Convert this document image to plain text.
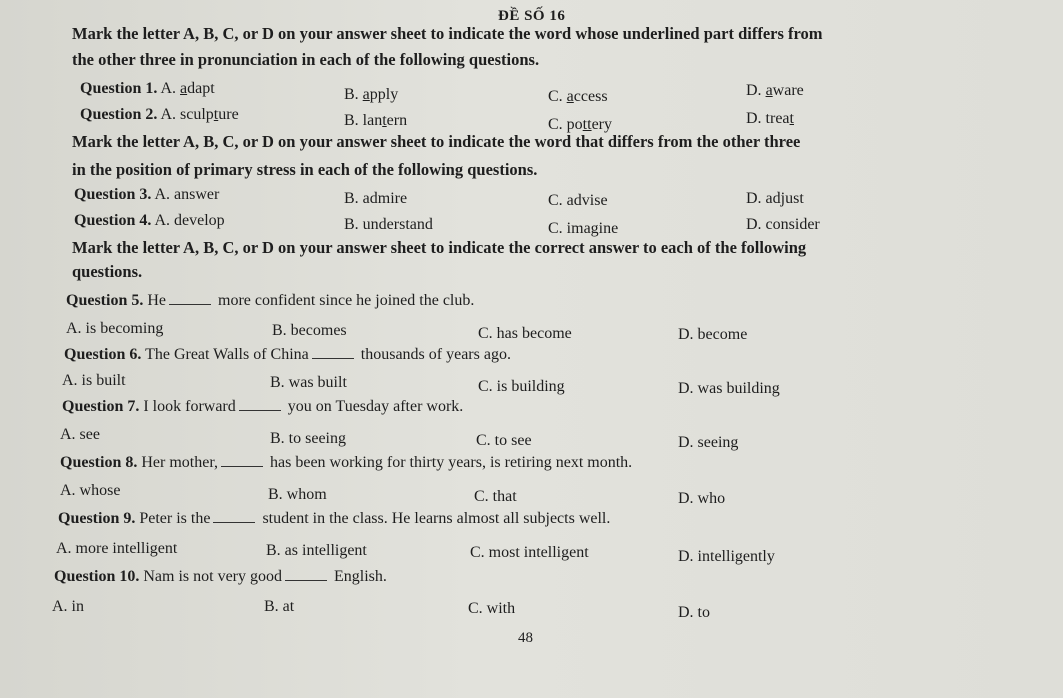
ĐỀ SỐ 16
Mark the letter A, B, C, or D on your answer sheet to indicate the word whose underlined part differs from
the other three in pronunciation in each of the following questions.
Question 1. A. adapt	B. apply	C. access	D. aware
Question 2. A. sculpture	B. lantern	C. pottery	D. treat
Mark the letter A, B, C, or D on your answer sheet to indicate the word that differs from the other three
in the position of primary stress in each of the following questions.
Question 3. A. answer	B. admire	C. advise	D. adjust
Question 4. A. develop	B. understand	C. imagine	D. consider
Mark the letter A, B, C, or D on your answer sheet to indicate the correct answer to each of the following
questions.
Question 5. He	more confident since he joined the club.
A. is becoming	B. becomes	C. has become	D. become
Question 6. The Great Walls of China	thousands of years ago.
A. is built	B. was built	C. is building	D. was building
Question 7. I look forward	you on Tuesday after work.
A. see	B. to seeing	C. to see	D. seeing
Question 8. Her mother,	has been working for thirty years, is retiring next month.
A. whose	B. whom	C. that	D. who
Question 9. Peter is the	student in the class. He learns almost all subjects well.
A. more intelligent	B. as intelligent	C. most intelligent	D. intelligently
Question 10. Nam is not very good	English.
A. in	B. at	C. with	D. to
48
